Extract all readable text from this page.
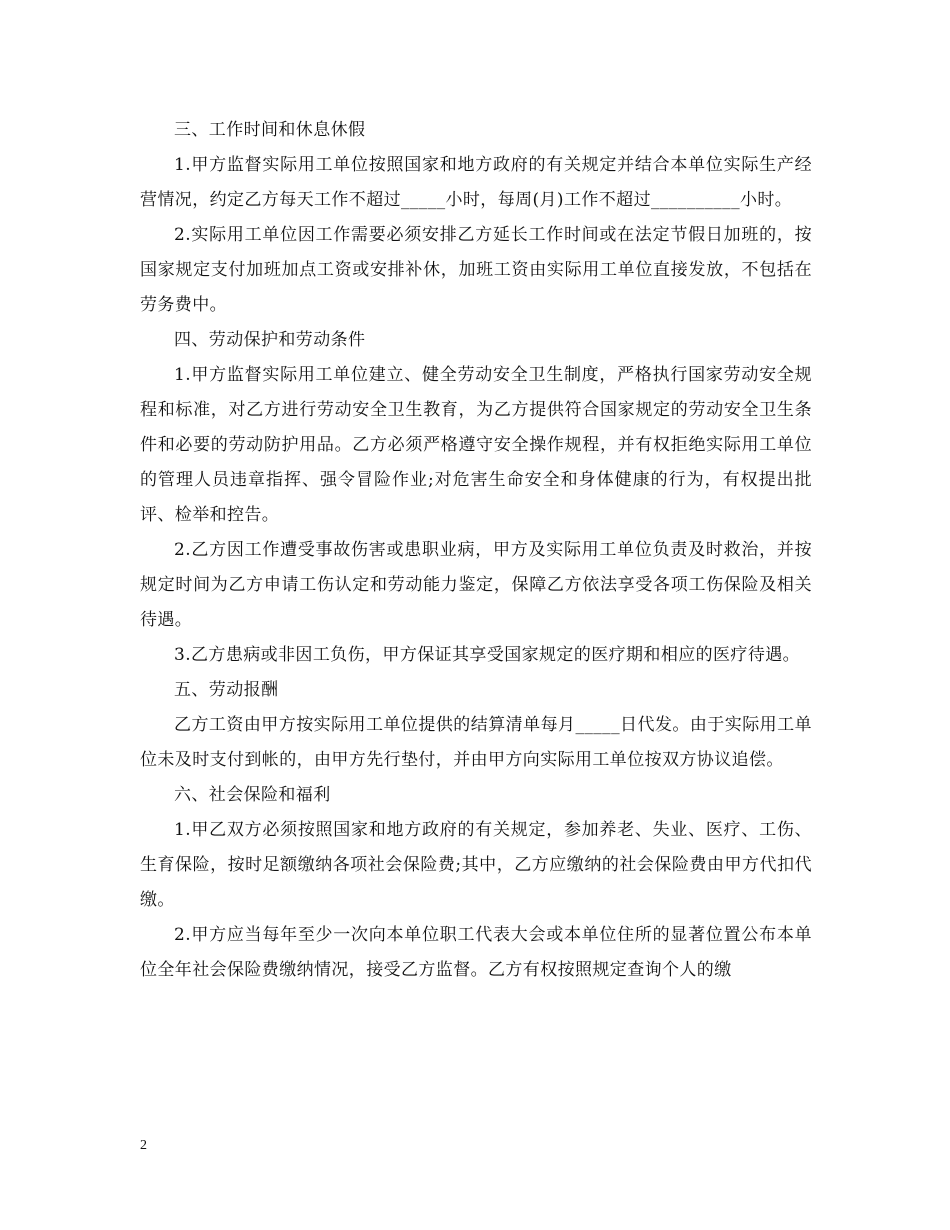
三、工作时间和休息休假

1.甲方监督实际用工单位按照国家和地方政府的有关规定并结合本单位实际生产经营情况，约定乙方每天工作不超过_____小时，每周(月)工作不超过__________小时。

2.实际用工单位因工作需要必须安排乙方延长工作时间或在法定节假日加班的，按国家规定支付加班加点工资或安排补休，加班工资由实际用工单位直接发放，不包括在劳务费中。

四、劳动保护和劳动条件

1.甲方监督实际用工单位建立、健全劳动安全卫生制度，严格执行国家劳动安全规程和标准，对乙方进行劳动安全卫生教育，为乙方提供符合国家规定的劳动安全卫生条件和必要的劳动防护用品。乙方必须严格遵守安全操作规程，并有权拒绝实际用工单位的管理人员违章指挥、强令冒险作业;对危害生命安全和身体健康的行为，有权提出批评、检举和控告。

2.乙方因工作遭受事故伤害或患职业病，甲方及实际用工单位负责及时救治，并按规定时间为乙方申请工伤认定和劳动能力鉴定，保障乙方依法享受各项工伤保险及相关待遇。

3.乙方患病或非因工负伤，甲方保证其享受国家规定的医疗期和相应的医疗待遇。

五、劳动报酬

乙方工资由甲方按实际用工单位提供的结算清单每月_____日代发。由于实际用工单位未及时支付到帐的，由甲方先行垫付，并由甲方向实际用工单位按双方协议追偿。

六、社会保险和福利

1.甲乙双方必须按照国家和地方政府的有关规定，参加养老、失业、医疗、工伤、生育保险，按时足额缴纳各项社会保险费;其中，乙方应缴纳的社会保险费由甲方代扣代缴。

2.甲方应当每年至少一次向本单位职工代表大会或本单位住所的显著位置公布本单位全年社会保险费缴纳情况，接受乙方监督。乙方有权按照规定查询个人的缴

2
